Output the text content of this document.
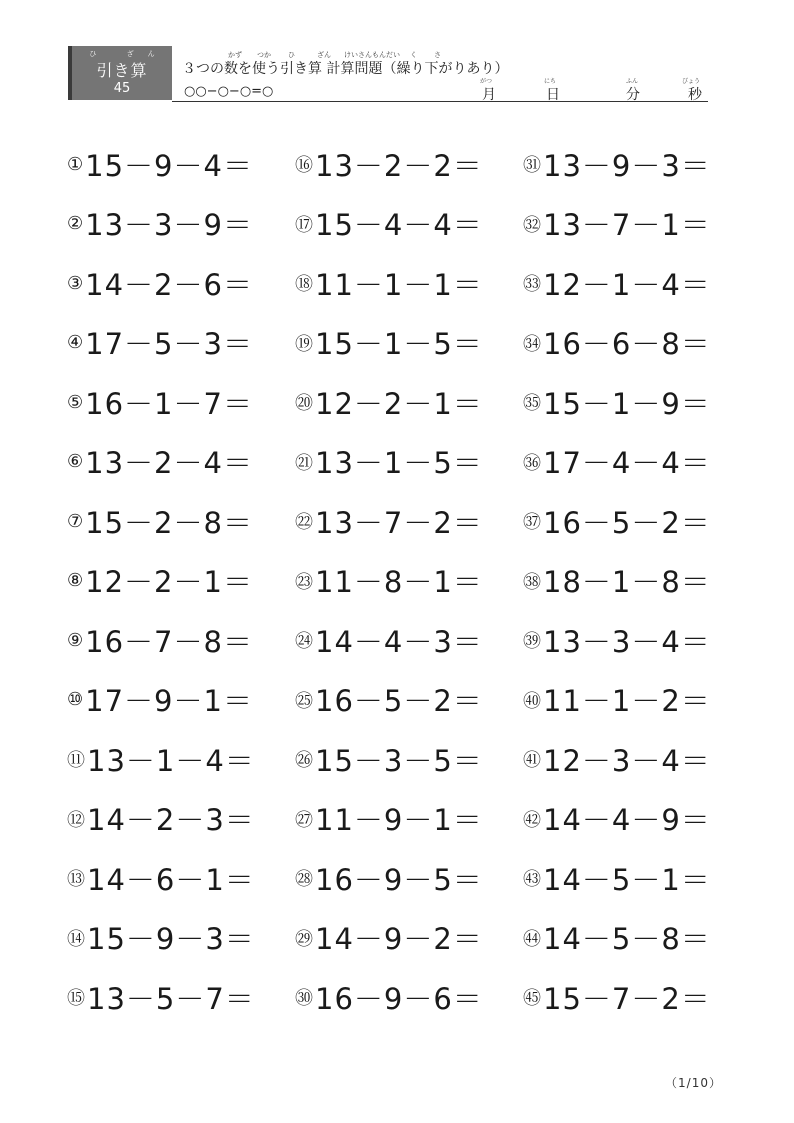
ひ ざん
引き算
45
かず つか ひ	ざん けいさんもんだい く さ
３つの数を使う引き算 計算問題（繰り下がりあり）
○○−○−○=○
がつ
月
にち
日
ふん
分
びょう
秒
① 15－9－4＝
② 13－3－9＝
③ 14－2－6＝
④ 17－5－3＝
⑤ 16－1－7＝
⑥ 13－2－4＝
⑦ 15－2－8＝
⑧ 12－2－1＝
⑨ 16－7－8＝
⑩ 17－9－1＝
⑪ 13－1－4＝
⑫ 14－2－3＝
⑬ 14－6－1＝
⑭ 15－9－3＝
⑮ 13－5－7＝
⑯ 13－2－2＝
⑰ 15－4－4＝
⑱ 11－1－1＝
⑲ 15－1－5＝
⑳ 12－2－1＝
㉑ 13－1－5＝
㉒ 13－7－2＝
㉓ 11－8－1＝
㉔ 14－4－3＝
㉕ 16－5－2＝
㉖ 15－3－5＝
㉗ 11－9－1＝
㉘ 16－9－5＝
㉙ 14－9－2＝
㉚ 16－9－6＝
㉛ 13－9－3＝
㉜ 13－7－1＝
㉝ 12－1－4＝
㉞ 16－6－8＝
㉟ 15－1－9＝
㊱ 17－4－4＝
㊲ 16－5－2＝
㊳ 18－1－8＝
㊴ 13－3－4＝
㊵ 11－1－2＝
㊶ 12－3－4＝
㊷ 14－4－9＝
㊸ 14－5－1＝
㊹ 14－5－8＝
㊺ 15－7－2＝
（1/10）
